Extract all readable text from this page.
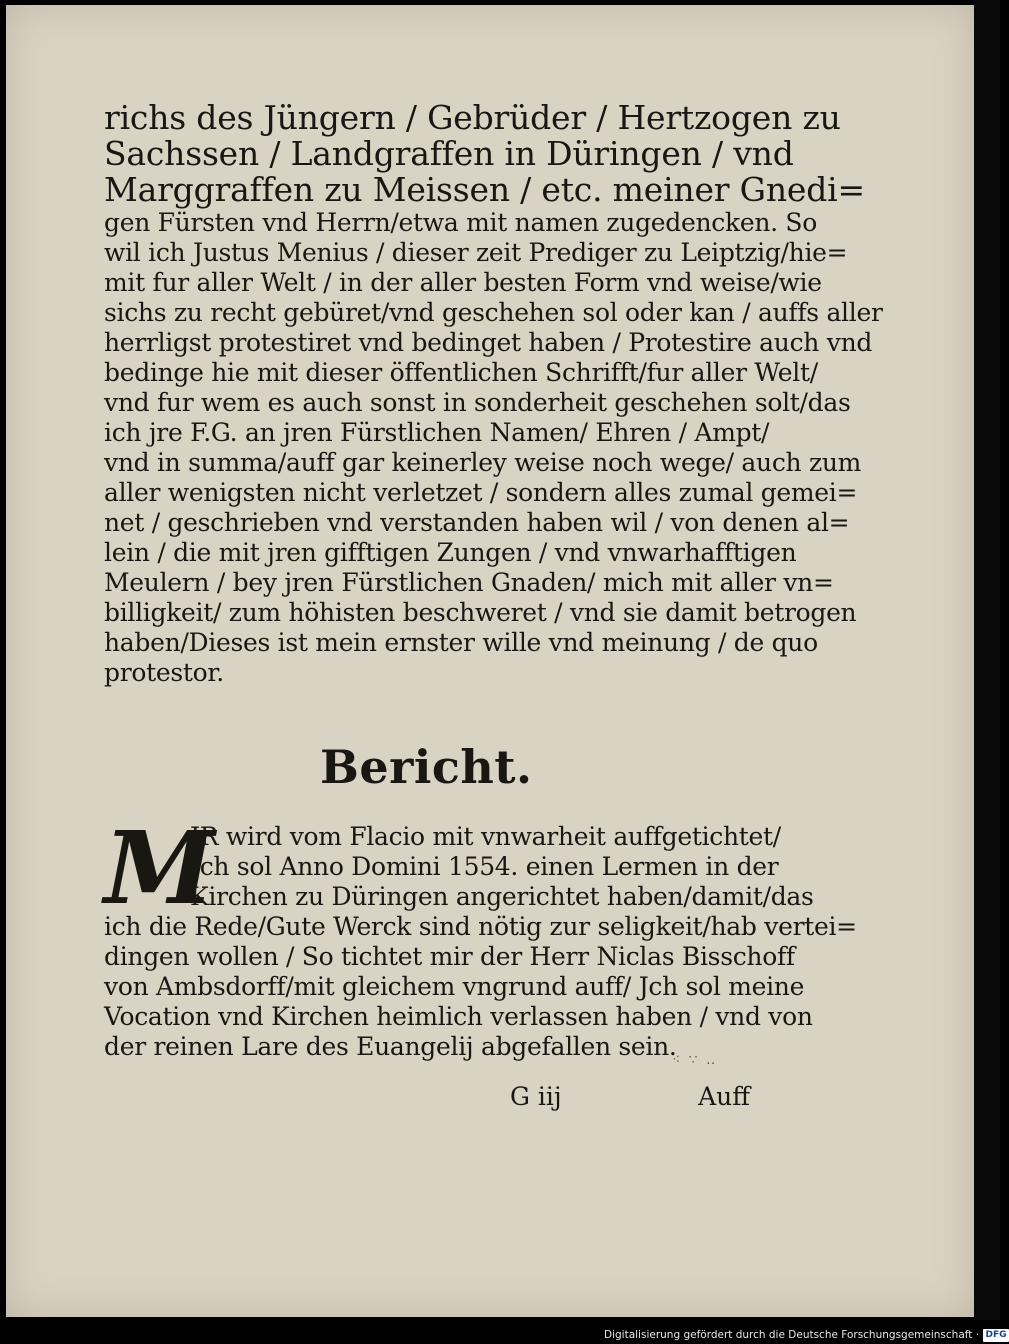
richs des Jüngern / Gebrüder / Hertzogen zu
Sachssen / Landgraffen in Düringen / vnd
Marggraffen zu Meissen / etc. meiner Gnedi=
gen Fürsten vnd Herrn/etwa mit namen zugedencken. So
wil ich Justus Menius / dieser zeit Prediger zu Leiptzig/hie=
mit fur aller Welt / in der aller besten Form vnd weise/wie
sichs zu recht gebüret/vnd geschehen sol oder kan / auffs aller
herrligst protestiret vnd bedinget haben / Protestire auch vnd
bedinge hie mit dieser öffentlichen Schrifft/fur aller Welt/
vnd fur wem es auch sonst in sonderheit geschehen solt/das
ich jre F.G. an jren Fürstlichen Namen/ Ehren / Ampt/
vnd in summa/auff gar keinerley weise noch wege/ auch zum
aller wenigsten nicht verletzet / sondern alles zumal gemei=
net / geschrieben vnd verstanden haben wil / von denen al=
lein / die mit jren gifftigen Zungen / vnd vnwarhafftigen
Meulern / bey jren Fürstlichen Gnaden/ mich mit aller vn=
billigkeit/ zum höhisten beschweret / vnd sie damit betrogen
haben/Dieses ist mein ernster wille vnd meinung / de quo
protestor.
Bericht.
M
JR wird vom Flacio mit vnwarheit auffgetichtet/
Jch sol Anno Domini 1554. einen Lermen in der
Kirchen zu Düringen angerichtet haben/damit/das
ich die Rede/Gute Werck sind nötig zur seligkeit/hab vertei=
dingen wollen / So tichtet mir der Herr Niclas Bisschoff
von Ambsdorff/mit gleichem vngrund auff/ Jch sol meine
Vocation vnd Kirchen heimlich verlassen haben / vnd von
der reinen Lare des Euangelij abgefallen sein.
⁖ ∵ ‥
G iij	Auff
Digitalisierung gefördert durch die Deutsche Forschungsgemeinschaft · DFG
